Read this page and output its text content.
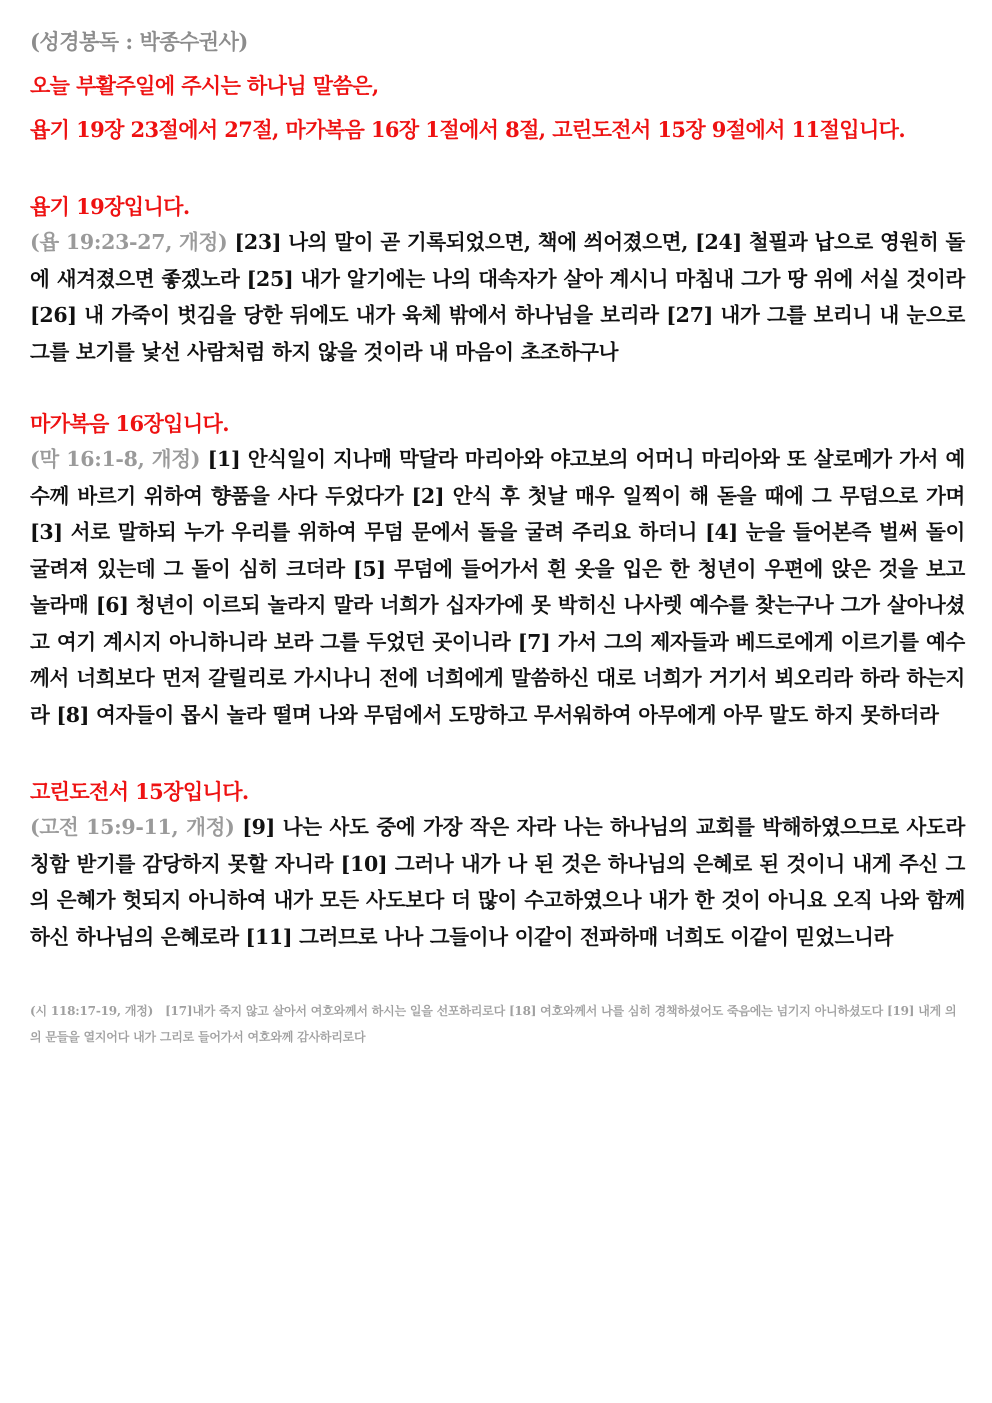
(성경봉독 : 박종수권사)
오늘 부활주일에 주시는 하나님 말씀은,
욥기 19장 23절에서 27절, 마가복음 16장 1절에서 8절, 고린도전서 15장 9절에서 11절입니다.
욥기 19장입니다.
(욥 19:23-27, 개정) [23] 나의 말이 곧 기록되었으면, 책에 씌어졌으면, [24] 철필과 납으로 영원히 돌에 새겨졌으면 좋겠노라 [25] 내가 알기에는 나의 대속자가 살아 계시니 마침내 그가 땅 위에 서실 것이라 [26] 내 가죽이 벗김을 당한 뒤에도 내가 육체 밖에서 하나님을 보리라 [27] 내가 그를 보리니 내 눈으로 그를 보기를 낯선 사람처럼 하지 않을 것이라 내 마음이 초조하구나
마가복음 16장입니다.
(막 16:1-8, 개정) [1] 안식일이 지나매 막달라 마리아와 야고보의 어머니 마리아와 또 살로메가 가서 예수께 바르기 위하여 향품을 사다 두었다가 [2] 안식 후 첫날 매우 일찍이 해 돋을 때에 그 무덤으로 가며 [3] 서로 말하되 누가 우리를 위하여 무덤 문에서 돌을 굴려 주리요 하더니 [4] 눈을 들어본즉 벌써 돌이 굴려져 있는데 그 돌이 심히 크더라 [5] 무덤에 들어가서 흰 옷을 입은 한 청년이 우편에 앉은 것을 보고 놀라매 [6] 청년이 이르되 놀라지 말라 너희가 십자가에 못 박히신 나사렛 예수를 찾는구나 그가 살아나셨고 여기 계시지 아니하니라 보라 그를 두었던 곳이니라 [7] 가서 그의 제자들과 베드로에게 이르기를 예수께서 너희보다 먼저 갈릴리로 가시나니 전에 너희에게 말씀하신 대로 너희가 거기서 뵈오리라 하라 하는지라 [8] 여자들이 몹시 놀라 떨며 나와 무덤에서 도망하고 무서워하여 아무에게 아무 말도 하지 못하더라
고린도전서 15장입니다.
(고전 15:9-11, 개정) [9] 나는 사도 중에 가장 작은 자라 나는 하나님의 교회를 박해하였으므로 사도라 칭함 받기를 감당하지 못할 자니라 [10] 그러나 내가 나 된 것은 하나님의 은혜로 된 것이니 내게 주신 그의 은혜가 헛되지 아니하여 내가 모든 사도보다 더 많이 수고하였으나 내가 한 것이 아니요 오직 나와 함께 하신 하나님의 은혜로라 [11] 그러므로 나나 그들이나 이같이 전파하매 너희도 이같이 믿었느니라
(시 118:17-19, 개정) [17]내가 죽지 않고 살아서 여호와께서 하시는 일을 선포하리로다 [18] 여호와께서 나를 심히 경책하셨어도 죽음에는 넘기지 아니하셨도다 [19] 내게 의의 문들을 열지어다 내가 그리로 들어가서 여호와께 감사하리로다
